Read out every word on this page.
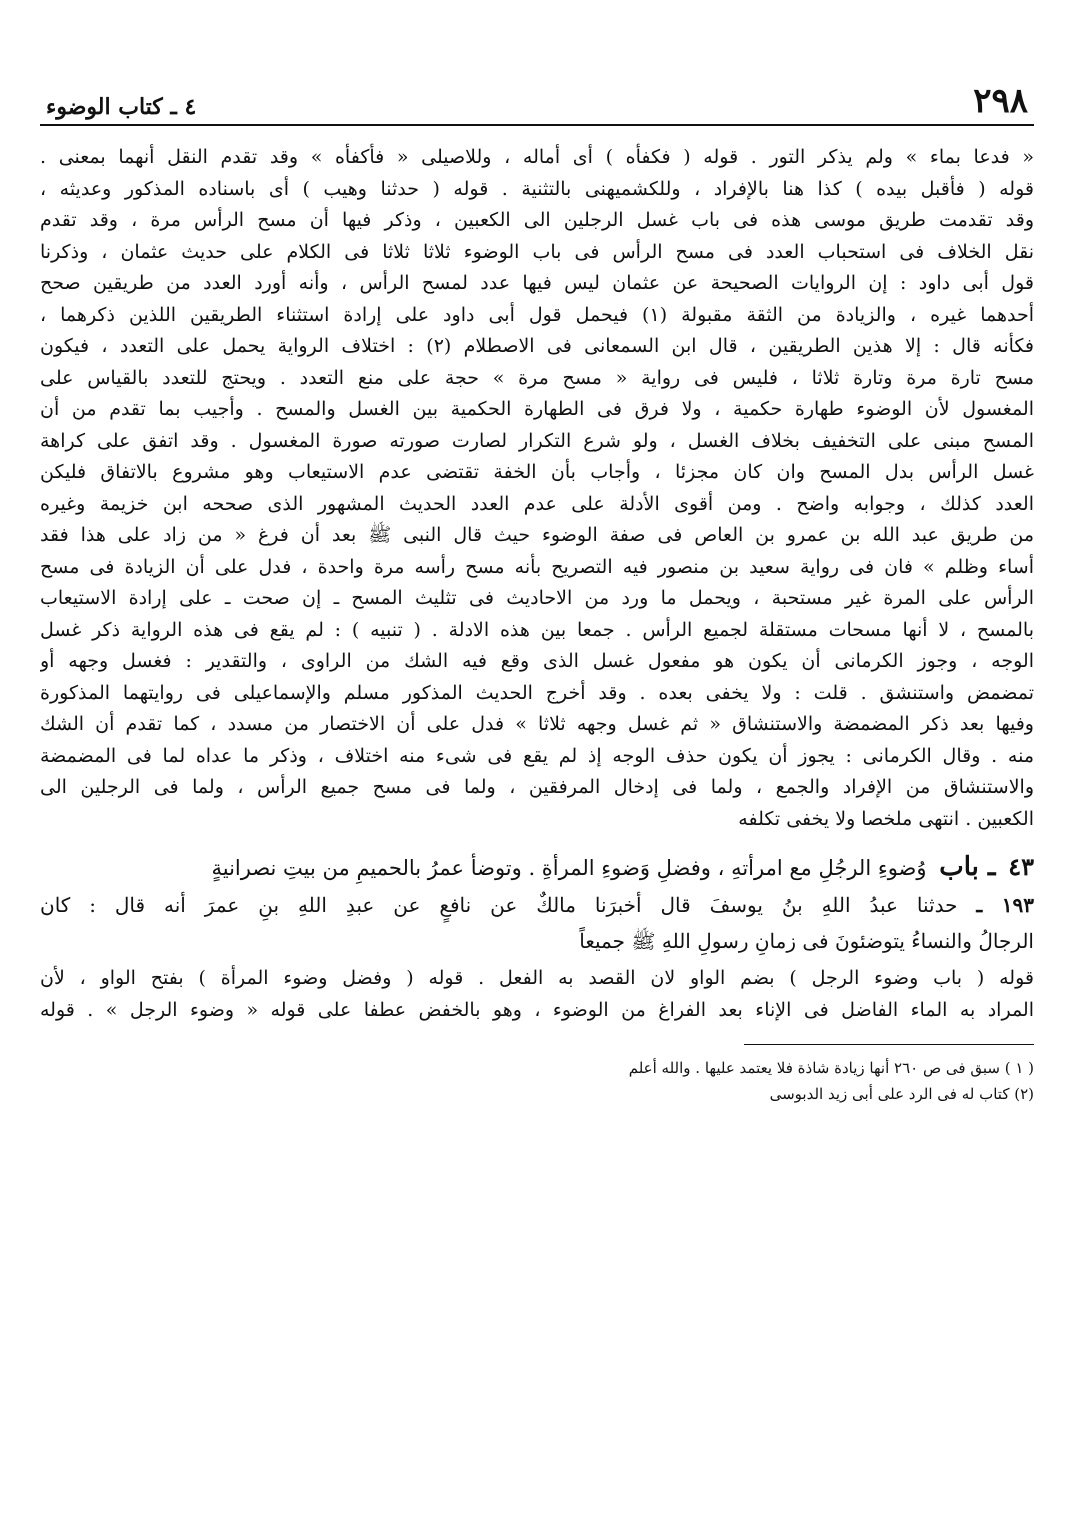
٢٩٨
٤ ـ كتاب الوضوء
« فدعا بماء » ولم يذكر التور . قوله ( فكفأه ) أى أماله ، وللاصيلى « فأكفأه » وقد تقدم النقل أنهما بمعنى .
قوله ( فأقبل بيده ) كذا هنا بالإفراد ، وللكشميهنى بالتثنية . قوله ( حدثنا وهيب ) أى باسناده المذكور وعديثه ،
وقد تقدمت طريق موسى هذه فى باب غسل الرجلين الى الكعبين ، وذكر فيها أن مسح الرأس مرة ، وقد تقدم
نقل الخلاف فى استحباب العدد فى مسح الرأس فى باب الوضوء ثلاثا ثلاثا فى الكلام على حديث عثمان ، وذكرنا
قول أبى داود : إن الروايات الصحيحة عن عثمان ليس فيها عدد لمسح الرأس ، وأنه أورد العدد من طريقين صحح
أحدهما غيره ، والزيادة من الثقة مقبولة (١) فيحمل قول أبى داود على إرادة استثناء الطريقين اللذين ذكرهما ،
فكأنه قال : إلا هذين الطريقين ، قال ابن السمعانى فى الاصطلام (٢) : اختلاف الرواية يحمل على التعدد ، فيكون
مسح تارة مرة وتارة ثلاثا ، فليس فى رواية « مسح مرة » حجة على منع التعدد . ويحتج للتعدد بالقياس على
المغسول لأن الوضوء طهارة حكمية ، ولا فرق فى الطهارة الحكمية بين الغسل والمسح . وأجيب بما تقدم من أن
المسح مبنى على التخفيف بخلاف الغسل ، ولو شرع التكرار لصارت صورته صورة المغسول . وقد اتفق على كراهة
غسل الرأس بدل المسح وان كان مجزئا ، وأجاب بأن الخفة تقتضى عدم الاستيعاب وهو مشروع بالاتفاق فليكن
العدد كذلك ، وجوابه واضح . ومن أقوى الأدلة على عدم العدد الحديث المشهور الذى صححه ابن خزيمة وغيره
من طريق عبد الله بن عمرو بن العاص فى صفة الوضوء حيث قال النبى ﷺ بعد أن فرغ « من زاد على هذا فقد
أساء وظلم » فان فى رواية سعيد بن منصور فيه التصريح بأنه مسح رأسه مرة واحدة ، فدل على أن الزيادة فى مسح
الرأس على المرة غير مستحبة ، ويحمل ما ورد من الاحاديث فى تثليث المسح ـ إن صحت ـ على إرادة الاستيعاب
بالمسح ، لا أنها مسحات مستقلة لجميع الرأس . جمعا بين هذه الادلة . ( تنبيه ) : لم يقع فى هذه الرواية ذكر غسل
الوجه ، وجوز الكرمانى أن يكون هو مفعول غسل الذى وقع فيه الشك من الراوى ، والتقدير : فغسل وجهه أو
تمضمض واستنشق . قلت : ولا يخفى بعده . وقد أخرج الحديث المذكور مسلم والإسماعيلى فى روايتهما المذكورة
وفيها بعد ذكر المضمضة والاستنشاق « ثم غسل وجهه ثلاثا » فدل على أن الاختصار من مسدد ، كما تقدم أن الشك
منه . وقال الكرمانى : يجوز أن يكون حذف الوجه إذ لم يقع فى شىء منه اختلاف ، وذكر ما عداه لما فى المضمضة
والاستنشاق من الإفراد والجمع ، ولما فى إدخال المرفقين ، ولما فى مسح جميع الرأس ، ولما فى الرجلين الى
الكعبين . انتهى ملخصا ولا يخفى تكلفه
٤٣ ـ باب وُضوءِ الرجُلِ مع امرأتهِ ، وفضلِ وَضوءِ المرأةِ . وتوضأ عمرُ بالحميمِ من بيتِ نصرانيةٍ
١٩٣ ـ حدثنا عبدُ اللهِ بنُ يوسفَ قال أخبرَنا مالكٌ عن نافعٍ عن عبدِ اللهِ بنِ عمرَ أنه قال : كان
الرجالُ والنساءُ يتوضئونَ فى زمانِ رسولِ اللهِ ﷺ جميعاً
قوله ( باب وضوء الرجل ) بضم الواو لان القصد به الفعل . قوله ( وفضل وضوء المرأة ) بفتح الواو ، لأن
المراد به الماء الفاضل فى الإناء بعد الفراغ من الوضوء ، وهو بالخفض عطفا على قوله « وضوء الرجل » . قوله
( ١ ) سبق فى ص ٢٦٠ أنها زيادة شاذة فلا يعتمد عليها . والله أعلم
(٢) كتاب له فى الرد على أبى زيد الدبوسى
